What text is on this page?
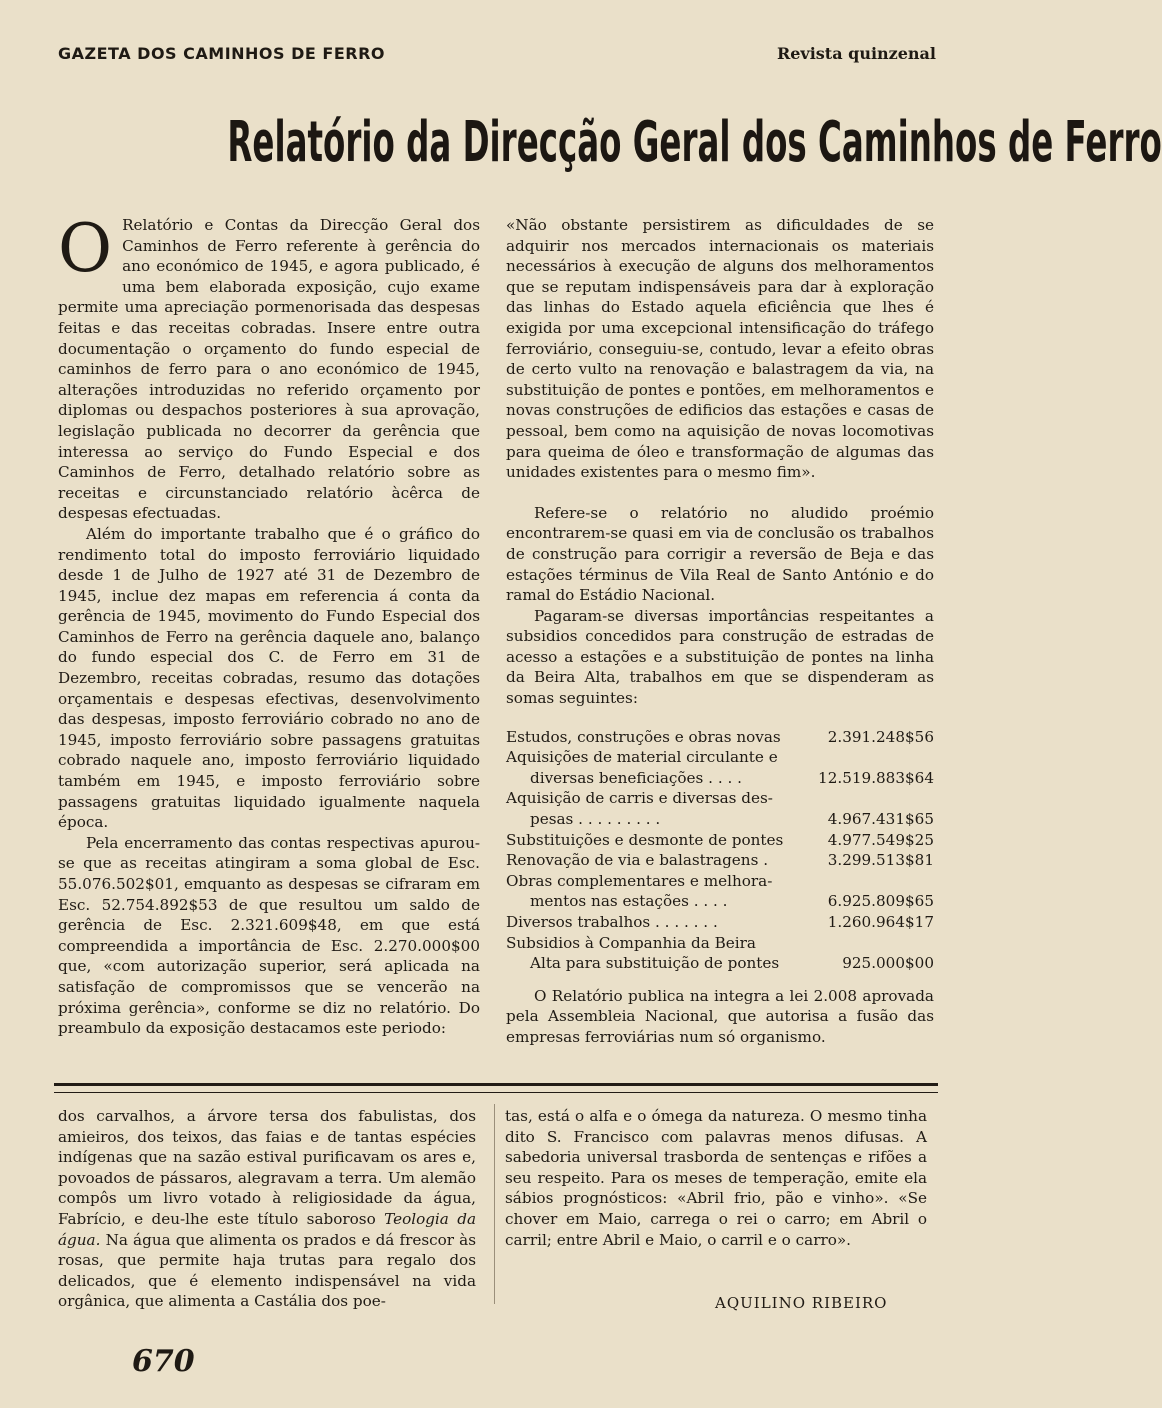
GAZETA DOS CAMINHOS DE FERRO	Revista quinzenal
Relatório da Direcção Geral dos Caminhos de Ferro

O Relatório e Contas da Direcção Geral dos Caminhos de Ferro referente à gerência do ano económico de 1945, e agora publicado, é uma bem elaborada exposição, cujo exame permite uma apreciação pormenorisada das despesas feitas e das receitas cobradas. Insere entre outra documentação o orçamento do fundo especial de caminhos de ferro para o ano económico de 1945, alterações introduzidas no referido orçamento por diplomas ou despachos posteriores à sua aprovação, legislação publicada no decorrer da gerência que interessa ao serviço do Fundo Especial e dos Caminhos de Ferro, detalhado relatório sobre as receitas e circunstanciado relatório àcêrca de despesas efectuadas.

Além do importante trabalho que é o gráfico do rendimento total do imposto ferroviário liquidado desde 1 de Julho de 1927 até 31 de Dezembro de 1945, inclue dez mapas em referencia á conta da gerência de 1945, movimento do Fundo Especial dos Caminhos de Ferro na gerência daquele ano, balanço do fundo especial dos C. de Ferro em 31 de Dezembro, receitas cobradas, resumo das dotações orçamentais e despesas efectivas, desenvolvimento das despesas, imposto ferroviário cobrado no ano de 1945, imposto ferroviário sobre passagens gratuitas cobrado naquele ano, imposto ferroviário liquidado também em 1945, e imposto ferroviário sobre passagens gratuitas liquidado igualmente naquela época.

Pela encerramento das contas respectivas apurou-se que as receitas atingiram a soma global de Esc. 55.076.502$01, emquanto as despesas se cifraram em Esc. 52.754.892$53 de que resultou um saldo de gerência de Esc. 2.321.609$48, em que está compreendida a importância de Esc. 2.270.000$00 que, «com autorização superior, será aplicada na satisfação de compromissos que se vencerão na próxima gerência», conforme se diz no relatório. Do preambulo da exposição destacamos este periodo:

«Não obstante persistirem as dificuldades de se adquirir nos mercados internacionais os materiais necessários à execução de alguns dos melhoramentos que se reputam indispensáveis para dar à exploração das linhas do Estado aquela eficiência que lhes é exigida por uma excepcional intensificação do tráfego ferroviário, conseguiu-se, contudo, levar a efeito obras de certo vulto na renovação e balastragem da via, na substituição de pontes e pontões, em melhoramentos e novas construções de edificios das estações e casas de pessoal, bem como na aquisição de novas locomotivas para queima de óleo e transformação de algumas das unidades existentes para o mesmo fim».

Refere-se o relatório no aludido proémio encontrarem-se quasi em via de conclusão os trabalhos de construção para corrigir a reversão de Beja e das estações términus de Vila Real de Santo António e do ramal do Estádio Nacional.

Pagaram-se diversas importâncias respeitantes a subsidios concedidos para construção de estradas de acesso a estações e a substituição de pontes na linha da Beira Alta, trabalhos em que se dispenderam as somas seguintes:

Estudos, construções e obras novas	2.391.248$56
Aquisições de material circulante e
diversas beneficiações . . . .	12.519.883$64
Aquisição de carris e diversas des-
pesas . . . . . . . . .	4.967.431$65
Substituições e desmonte de pontes	4.977.549$25
Renovação de via e balastragens .	3.299.513$81
Obras complementares e melhora-
mentos nas estações . . . .	6.925.809$65
Diversos trabalhos . . . . . . .	1.260.964$17
Subsidios à Companhia da Beira
Alta para substituição de pontes	925.000$00

O Relatório publica na integra a lei 2.008 aprovada pela Assembleia Nacional, que autorisa a fusão das empresas ferroviárias num só organismo.

dos carvalhos, a árvore tersa dos fabulistas, dos amieiros, dos teixos, das faias e de tantas espécies indígenas que na sazão estival purificavam os ares e, povoados de pássaros, alegravam a terra. Um alemão compôs um livro votado à religiosidade da água, Fabrício, e deu-lhe este título saboroso Teologia da água. Na água que alimenta os prados e dá frescor às rosas, que permite haja trutas para regalo dos delicados, que é elemento indispensável na vida orgânica, que alimenta a Castália dos poe-

tas, está o alfa e o ómega da natureza. O mesmo tinha dito S. Francisco com palavras menos difusas. A sabedoria universal trasborda de sentenças e rifões a seu respeito. Para os meses de temperação, emite ela sábios prognósticos: «Abril frio, pão e vinho». «Se chover em Maio, carrega o rei o carro; em Abril o carril; entre Abril e Maio, o carril e o carro».

AQUILINO RIBEIRO
670
